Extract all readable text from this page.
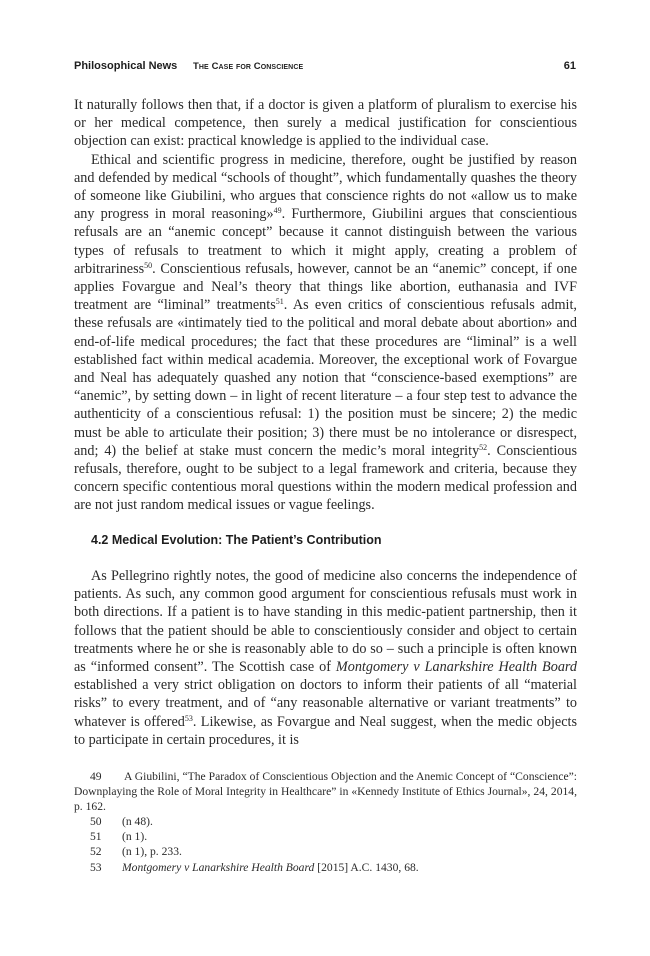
Philosophical News The Case for Conscience	61

It naturally follows then that, if a doctor is given a platform of pluralism to exercise his or her medical competence, then surely a medical justification for conscientious objection can exist: practical knowledge is applied to the individual case.

Ethical and scientific progress in medicine, therefore, ought be justified by reason and defended by medical “schools of thought”, which fundamentally quashes the theory of someone like Giubilini, who argues that conscience rights do not «allow us to make any progress in moral reasoning»$^{49}$. Furthermore, Giubilini argues that conscientious refusals are an “anemic concept” because it cannot distinguish between the various types of refusals to treatment to which it might apply, creating a problem of arbitrariness$^{50}$. Conscientious refusals, however, cannot be an “anemic” concept, if one applies Fovargue and Neal’s theory that things like abortion, euthanasia and IVF treatment are “liminal” treatments$^{51}$. As even critics of conscientious refusals admit, these refusals are «intimately tied to the political and moral debate about abortion» and end-of-life medical procedures; the fact that these procedures are “liminal” is a well established fact within medical academia. Moreover, the exceptional work of Fovargue and Neal has adequately quashed any notion that “conscience-based exemptions” are “anemic”, by setting down – in light of recent literature – a four step test to advance the authenticity of a conscientious refusal: 1) the position must be sincere; 2) the medic must be able to articulate their position; 3) there must be no intolerance or disrespect, and; 4) the belief at stake must concern the medic’s moral integrity$^{52}$. Conscientious refusals, therefore, ought to be subject to a legal framework and criteria, because they concern specific contentious moral questions within the modern medical profession and are not just random medical issues or vague feelings.

4.2 Medical Evolution: The Patient’s Contribution

As Pellegrino rightly notes, the good of medicine also concerns the independence of patients. As such, any common good argument for conscientious refusals must work in both directions. If a patient is to have standing in this medic-patient partnership, then it follows that the patient should be able to conscientiously consider and object to certain treatments where he or she is reasonably able to do so – such a principle is often known as “informed consent”. The Scottish case of Montgomery v Lanarkshire Health Board established a very strict obligation on doctors to inform their patients of all “material risks” to every treatment, and of “any reasonable alternative or variant treatments” to whatever is offered$^{53}$. Likewise, as Fovargue and Neal suggest, when the medic objects to participate in certain procedures, it is

49 A Giubilini, “The Paradox of Conscientious Objection and the Anemic Concept of “Conscience”: Downplaying the Role of Moral Integrity in Healthcare” in «Kennedy Institute of Ethics Journal», 24, 2014, p. 162.

50 (n 48).

51 (n 1).

52 (n 1), p. 233.

53 Montgomery v Lanarkshire Health Board [2015] A.C. 1430, 68.
